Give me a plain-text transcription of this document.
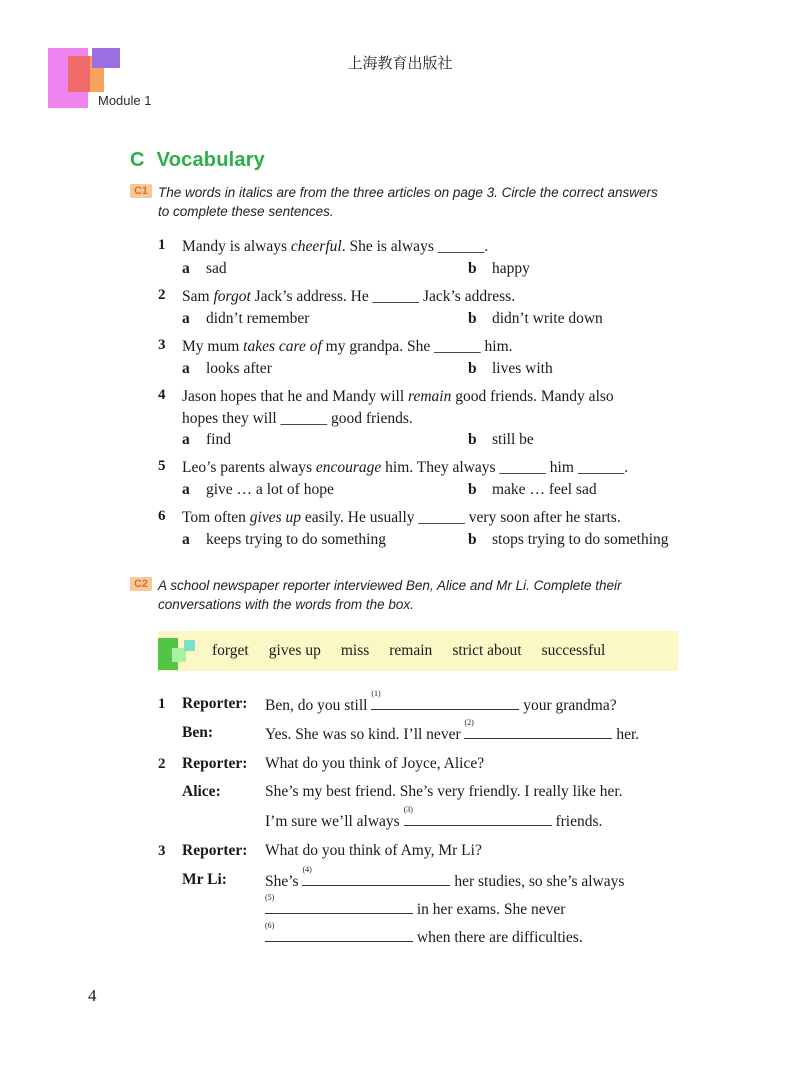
Module 1
上海教育出版社
C Vocabulary
C1 The words in italics are from the three articles on page 3. Circle the correct answers
to complete these sentences.
1 Mandy is always cheerful. She is always ______.
a sad	b happy
2 Sam forgot Jack’s address. He ______ Jack’s address.
a didn’t remember	b didn’t write down
3 My mum takes care of my grandpa. She ______ him.
a looks after	b lives with
4 Jason hopes that he and Mandy will remain good friends. Mandy also
hopes they will ______ good friends.
a find	b still be
5 Leo’s parents always encourage him. They always ______ him ______.
a give … a lot of hope	b make … feel sad
6 Tom often gives up easily. He usually ______ very soon after he starts.
a keeps trying to do something	b stops trying to do something
C2 A school newspaper reporter interviewed Ben, Alice and Mr Li. Complete their
conversations with the words from the box.
forget gives up miss remain strict about successful
1 Reporter: Ben, do you still
(1)
your grandma?
Ben:	Yes. She was so kind. I’ll never
(2)
her.
2 Reporter: What do you think of Joyce, Alice?
Alice:	She’s my best friend. She’s very friendly. I really like her.
I’m sure we’ll always
(3)
friends.
3 Reporter: What do you think of Amy, Mr Li?
Mr Li: She’s
(4)
her studies, so she’s always
(5)
in her exams. She never
(6)
when there are difficulties.
4
